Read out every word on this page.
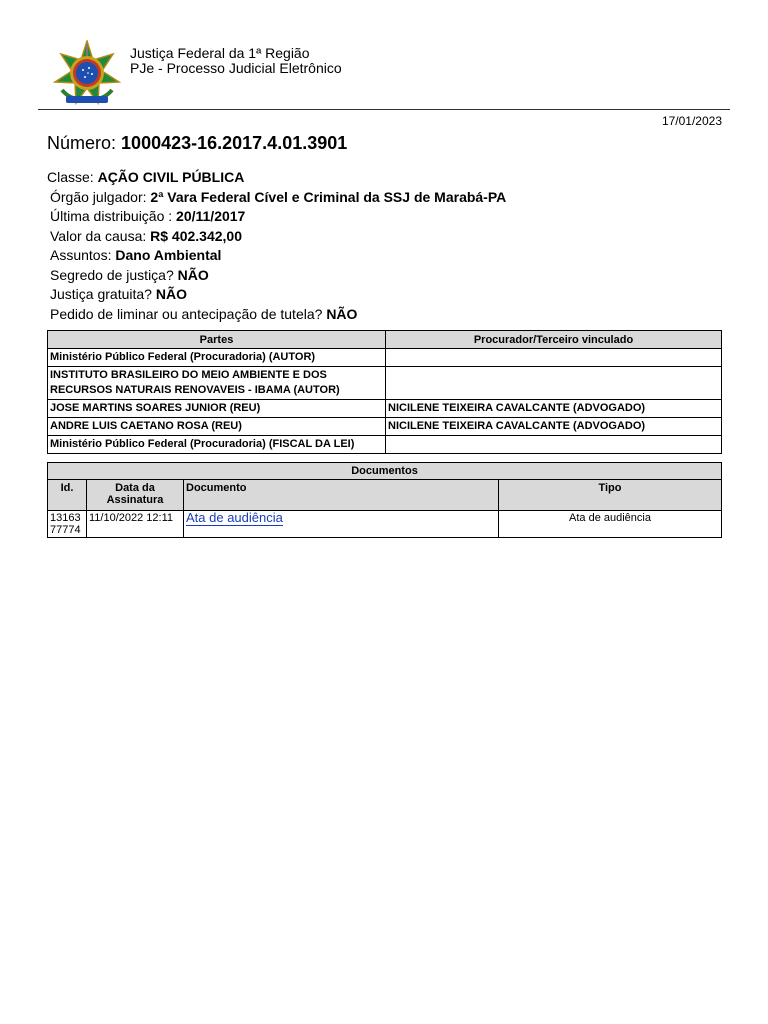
Justiça Federal da 1ª Região
PJe - Processo Judicial Eletrônico
17/01/2023
Número: 1000423-16.2017.4.01.3901
Classe: AÇÃO CIVIL PÚBLICA
Órgão julgador: 2ª Vara Federal Cível e Criminal da SSJ de Marabá-PA
Última distribuição : 20/11/2017
Valor da causa: R$ 402.342,00
Assuntos: Dano Ambiental
Segredo de justiça? NÃO
Justiça gratuita? NÃO
Pedido de liminar ou antecipação de tutela? NÃO
Partes	Procurador/Terceiro vinculado
Ministério Público Federal (Procuradoria) (AUTOR)	
INSTITUTO BRASILEIRO DO MEIO AMBIENTE E DOS RECURSOS NATURAIS RENOVAVEIS - IBAMA (AUTOR)	
JOSE MARTINS SOARES JUNIOR (REU)	NICILENE TEIXEIRA CAVALCANTE (ADVOGADO)
ANDRE LUIS CAETANO ROSA (REU)	NICILENE TEIXEIRA CAVALCANTE (ADVOGADO)
Ministério Público Federal (Procuradoria) (FISCAL DA LEI)	
Documentos			
Id.	Data da Assinatura	Documento	Tipo
1316377774	11/10/2022 12:11	Ata de audiência	Ata de audiência
